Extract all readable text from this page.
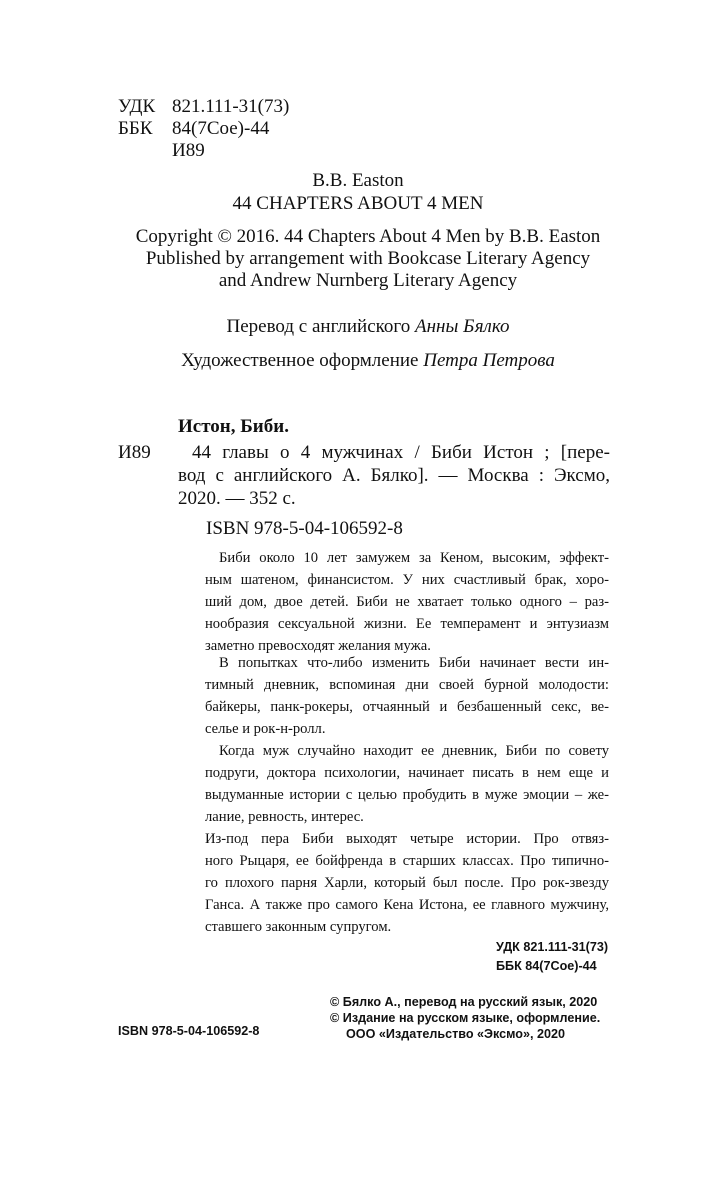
УДК 821.111-31(73)
ББК 84(7Сое)-44
И89
B.B. Easton
44 CHAPTERS ABOUT 4 MEN
Copyright © 2016. 44 Chapters About 4 Men by B.B. Easton
Published by arrangement with Bookcase Literary Agency
and Andrew Nurnberg Literary Agency
Перевод с английского Анны Бялко
Художественное оформление Петра Петрова
Истон, Биби.
И89 44 главы о 4 мужчинах / Биби Истон ; [пере-
вод с английского А. Бялко]. — Москва : Эксмо,
2020. — 352 с.
ISBN 978-5-04-106592-8
Биби около 10 лет замужем за Кеном, высоким, эффект-
ным шатеном, финансистом. У них счастливый брак, хоро-
ший дом, двое детей. Биби не хватает только одного – раз-
нообразия сексуальной жизни. Ее темперамент и энтузиазм
заметно превосходят желания мужа.
В попытках что-либо изменить Биби начинает вести ин-
тимный дневник, вспоминая дни своей бурной молодости:
байкеры, панк-рокеры, отчаянный и безбашенный секс, ве-
селье и рок-н-ролл.
Когда муж случайно находит ее дневник, Биби по совету
подруги, доктора психологии, начинает писать в нем еще и
выдуманные истории с целью пробудить в муже эмоции – же-
лание, ревность, интерес.
Из-под пера Биби выходят четыре истории. Про отвяз-
ного Рыцаря, ее бойфренда в старших классах. Про типично-
го плохого парня Харли, который был после. Про рок-звезду
Ганса. А также про самого Кена Истона, ее главного мужчину,
ставшего законным супругом.
УДК 821.111-31(73)
ББК 84(7Сое)-44
ISBN 978-5-04-106592-8
© Бялко А., перевод на русский язык, 2020
© Издание на русском языке, оформление.
ООО «Издательство «Эксмо», 2020
